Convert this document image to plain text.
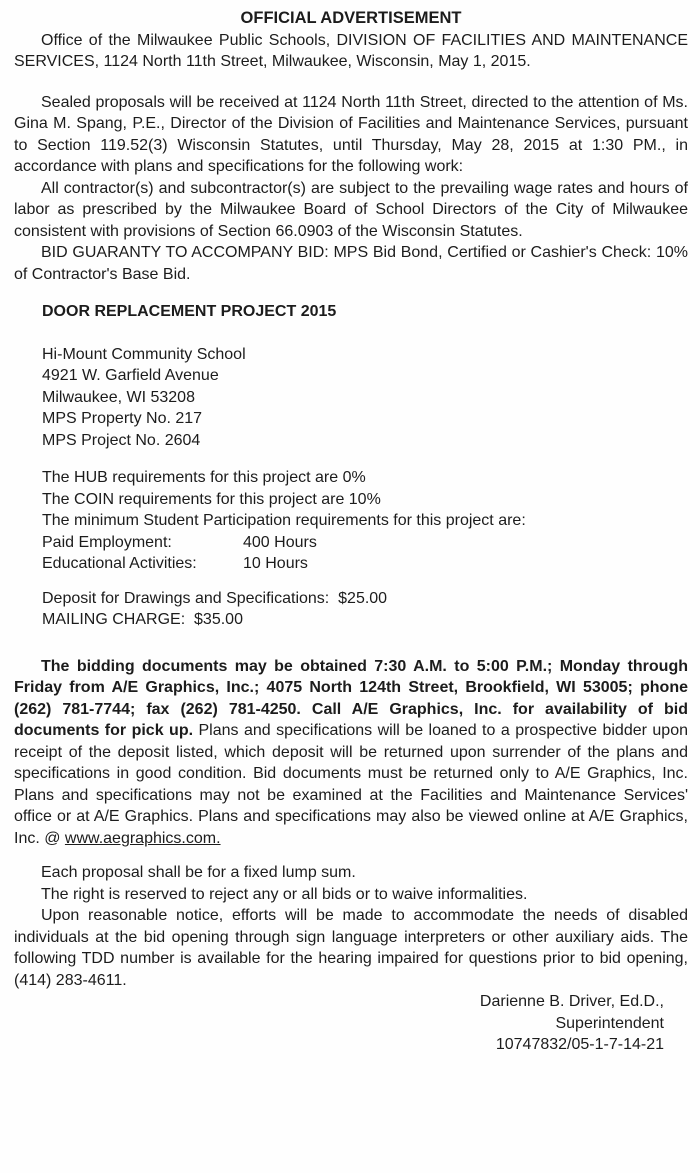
OFFICIAL ADVERTISEMENT

Office of the Milwaukee Public Schools, DIVISION OF FACILITIES AND MAINTENANCE SERVICES, 1124 North 11th Street, Milwaukee, Wisconsin, May 1, 2015.

Sealed proposals will be received at 1124 North 11th Street, directed to the attention of Ms. Gina M. Spang, P.E., Director of the Division of Facilities and Maintenance Services, pursuant to Section 119.52(3) Wisconsin Statutes, until Thursday, May 28, 2015 at 1:30 PM., in accordance with plans and specifications for the following work:

All contractor(s) and subcontractor(s) are subject to the prevailing wage rates and hours of labor as prescribed by the Milwaukee Board of School Directors of the City of Milwaukee consistent with provisions of Section 66.0903 of the Wisconsin Statutes.

BID GUARANTY TO ACCOMPANY BID: MPS Bid Bond, Certified or Cashier's Check: 10% of Contractor's Base Bid.

DOOR REPLACEMENT PROJECT 2015

Hi-Mount Community School

4921 W. Garfield Avenue

Milwaukee, WI 53208

MPS Property No. 217

MPS Project No. 2604

The HUB requirements for this project are 0%

The COIN requirements for this project are 10%

The minimum Student Participation requirements for this project are:

Paid Employment:	400 Hours

Educational Activities:	10 Hours

Deposit for Drawings and Specifications:  $25.00

MAILING CHARGE:  $35.00

The bidding documents may be obtained 7:30 A.M. to 5:00 P.M.; Monday through Friday from A/E Graphics, Inc.; 4075 North 124th Street, Brookfield, WI 53005; phone (262) 781-7744; fax (262) 781-4250. Call A/E Graphics, Inc. for availability of bid documents for pick up. Plans and specifications will be loaned to a prospective bidder upon receipt of the deposit listed, which deposit will be returned upon surrender of the plans and specifications in good condition. Bid documents must be returned only to A/E Graphics, Inc. Plans and specifications may not be examined at the Facilities and Maintenance Services' office or at A/E Graphics. Plans and specifications may also be viewed online at A/E Graphics, Inc. @ www.aegraphics.com.

Each proposal shall be for a fixed lump sum.

The right is reserved to reject any or all bids or to waive informalities.

Upon reasonable notice, efforts will be made to accommodate the needs of disabled individuals at the bid opening through sign language interpreters or other auxiliary aids. The following TDD number is available for the hearing impaired for questions prior to bid opening, (414) 283-4611.

Darienne B. Driver, Ed.D.,

Superintendent

10747832/05-1-7-14-21
